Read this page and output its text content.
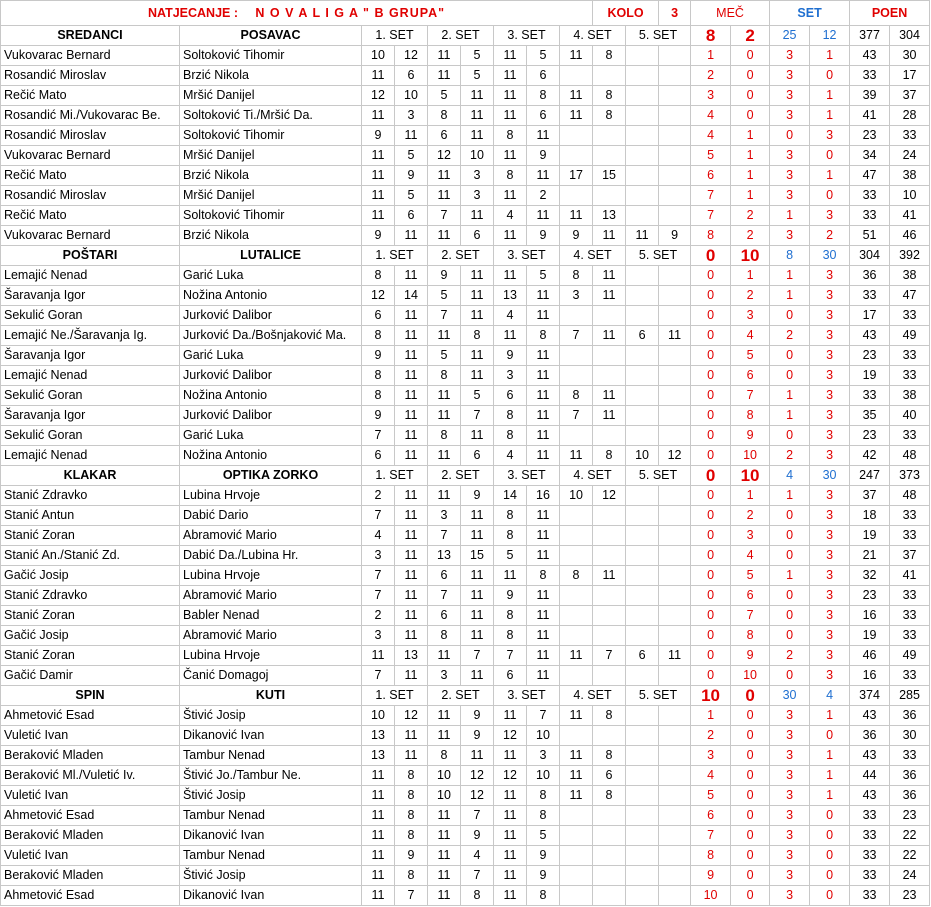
NATJECANJE : N O V A L I G A " B GRUPA"									KOLO		3	MEČ		SET		POEN	
SREDANCI	POSAVAC	1. SET		2. SET		3. SET		4. SET		5. SET		8	2	25	12	377	304
Vukovarac Bernard	Soltoković Tihomir	10	12	11	5	11	5	11	8			1	0	3	1	43	30
Rosandić Miroslav	Brzić Nikola	11	6	11	5	11	6					2	0	3	0	33	17
Rečić Mato	Mršić Danijel	12	10	5	11	11	8	11	8			3	0	3	1	39	37
Rosandić Mi./Vukovarac Be.	Soltoković Ti./Mršić Da.	11	3	8	11	11	6	11	8			4	0	3	1	41	28
Rosandić Miroslav	Soltoković Tihomir	9	11	6	11	8	11					4	1	0	3	23	33
Vukovarac Bernard	Mršić Danijel	11	5	12	10	11	9					5	1	3	0	34	24
Rečić Mato	Brzić Nikola	11	9	11	3	8	11	17	15			6	1	3	1	47	38
Rosandić Miroslav	Mršić Danijel	11	5	11	3	11	2					7	1	3	0	33	10
Rečić Mato	Soltoković Tihomir	11	6	7	11	4	11	11	13			7	2	1	3	33	41
Vukovarac Bernard	Brzić Nikola	9	11	11	6	11	9	9	11	11	9	8	2	3	2	51	46
POŠTARI	LUTALICE	1. SET		2. SET		3. SET		4. SET		5. SET		0	10	8	30	304	392
Lemajić Nenad	Garić Luka	8	11	9	11	11	5	8	11			0	1	1	3	36	38
Šaravanja Igor	Nožina Antonio	12	14	5	11	13	11	3	11			0	2	1	3	33	47
Sekulić Goran	Jurković Dalibor	6	11	7	11	4	11					0	3	0	3	17	33
Lemajić Ne./Šaravanja Ig.	Jurković Da./Bošnjaković Ma.	8	11	11	8	11	8	7	11	6	11	0	4	2	3	43	49
Šaravanja Igor	Garić Luka	9	11	5	11	9	11					0	5	0	3	23	33
Lemajić Nenad	Jurković Dalibor	8	11	8	11	3	11					0	6	0	3	19	33
Sekulić Goran	Nožina Antonio	8	11	11	5	6	11	8	11			0	7	1	3	33	38
Šaravanja Igor	Jurković Dalibor	9	11	11	7	8	11	7	11			0	8	1	3	35	40
Sekulić Goran	Garić Luka	7	11	8	11	8	11					0	9	0	3	23	33
Lemajić Nenad	Nožina Antonio	6	11	11	6	4	11	11	8	10	12	0	10	2	3	42	48
KLAKAR	OPTIKA ZORKO	1. SET		2. SET		3. SET		4. SET		5. SET		0	10	4	30	247	373
Stanić Zdravko	Lubina Hrvoje	2	11	11	9	14	16	10	12			0	1	1	3	37	48
Stanić Antun	Dabić Dario	7	11	3	11	8	11					0	2	0	3	18	33
Stanić Zoran	Abramović Mario	4	11	7	11	8	11					0	3	0	3	19	33
Stanić An./Stanić Zd.	Dabić Da./Lubina Hr.	3	11	13	15	5	11					0	4	0	3	21	37
Gačić Josip	Lubina Hrvoje	7	11	6	11	11	8	8	11			0	5	1	3	32	41
Stanić Zdravko	Abramović Mario	7	11	7	11	9	11					0	6	0	3	23	33
Stanić Zoran	Babler Nenad	2	11	6	11	8	11					0	7	0	3	16	33
Gačić Josip	Abramović Mario	3	11	8	11	8	11					0	8	0	3	19	33
Stanić Zoran	Lubina Hrvoje	11	13	11	7	7	11	11	7	6	11	0	9	2	3	46	49
Gačić Damir	Čanić Domagoj	7	11	3	11	6	11					0	10	0	3	16	33
SPIN	KUTI	1. SET		2. SET		3. SET		4. SET		5. SET		10	0	30	4	374	285
Ahmetović Esad	Štivić Josip	10	12	11	9	11	7	11	8			1	0	3	1	43	36
Vuletić Ivan	Dikanović Ivan	13	11	11	9	12	10					2	0	3	0	36	30
Beraković Mladen	Tambur Nenad	13	11	8	11	11	3	11	8			3	0	3	1	43	33
Beraković Ml./Vuletić Iv.	Štivić Jo./Tambur Ne.	11	8	10	12	12	10	11	6			4	0	3	1	44	36
Vuletić Ivan	Štivić Josip	11	8	10	12	11	8	11	8			5	0	3	1	43	36
Ahmetović Esad	Tambur Nenad	11	8	11	7	11	8					6	0	3	0	33	23
Beraković Mladen	Dikanović Ivan	11	8	11	9	11	5					7	0	3	0	33	22
Vuletić Ivan	Tambur Nenad	11	9	11	4	11	9					8	0	3	0	33	22
Beraković Mladen	Štivić Josip	11	8	11	7	11	9					9	0	3	0	33	24
Ahmetović Esad	Dikanović Ivan	11	7	11	8	11	8					10	0	3	0	33	23
